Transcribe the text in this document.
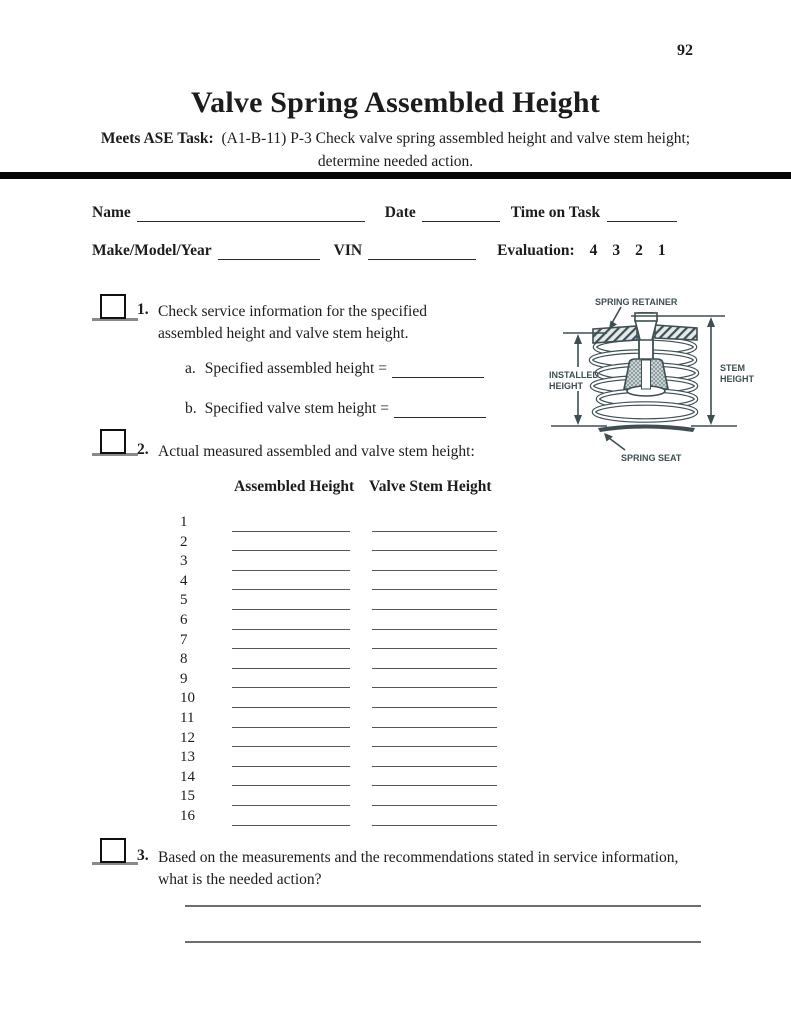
92
Valve Spring Assembled Height
Meets ASE Task: (A1-B-11) P-3 Check valve spring assembled height and valve stem height;
determine needed action.
Name	Date	Time on Task
Make/Model/Year	VIN	Evaluation: 4 3 2 1
1. Check service information for the specified
assembled height and valve stem height.
a. Specified assembled height =
b. Specified valve stem height =
2. Actual measured assembled and valve stem height:
Assembled Height Valve Stem Height
1
2
3
4
5
6
7
8
9
10
11
12
13
14
15
16
3. Based on the measurements and the recommendations stated in service information,
what is the needed action?
SPRING RETAINER
INSTALLED
HEIGHT
STEM
HEIGHT
SPRING SEAT
